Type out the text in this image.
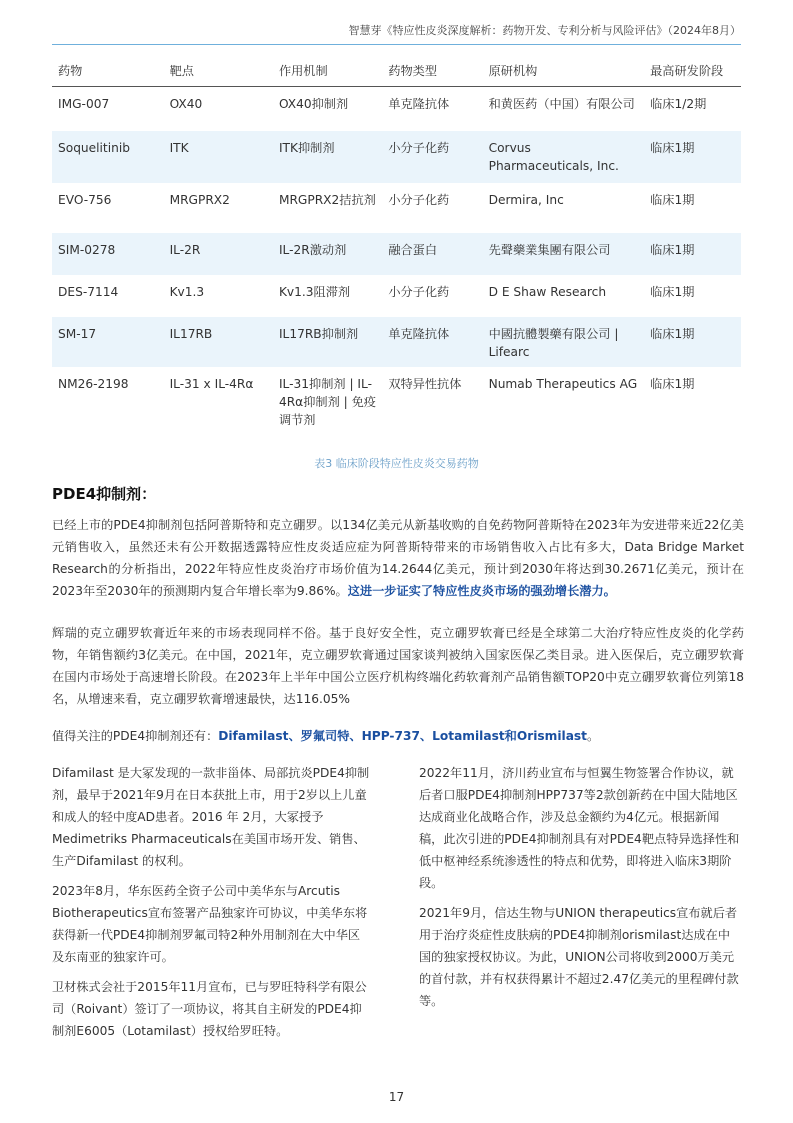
智慧芽《特应性皮炎深度解析：药物开发、专利分析与风险评估》（2024年8月）
药物	靶点	作用机制	药物类型	原研机构	最高研发阶段
IMG-007	OX40	OX40抑制剂	单克隆抗体	和黄医药（中国）有限公司	临床1/2期
Soquelitinib	ITK	ITK抑制剂	小分子化药	Corvus Pharmaceuticals, Inc.	临床1期
EVO-756	MRGPRX2	MRGPRX2拮抗剂	小分子化药	Dermira, Inc	临床1期
SIM-0278	IL-2R	IL-2R激动剂	融合蛋白	先聲藥業集團有限公司	临床1期
DES-7114	Kv1.3	Kv1.3阻滞剂	小分子化药	D E Shaw Research	临床1期
SM-17	IL17RB	IL17RB抑制剂	单克隆抗体	中國抗體製藥有限公司 | Lifearc	临床1期
NM26-2198	IL-31 x IL-4Rα	IL-31抑制剂 | IL-4Rα抑制剂 | 免疫调节剂	双特异性抗体	Numab Therapeutics AG	临床1期
表3 临床阶段特应性皮炎交易药物
PDE4抑制剂：

已经上市的PDE4抑制剂包括阿普斯特和克立硼罗。以134亿美元从新基收购的自免药物阿普斯特在2023年为安进带来近22亿美元销售收入，虽然还未有公开数据透露特应性皮炎适应症为阿普斯特带来的市场销售收入占比有多大，Data Bridge Market Research的分析指出，2022年特应性皮炎治疗市场价值为14.2644亿美元，预计到2030年将达到30.2671亿美元，预计在2023年至2030年的预测期内复合年增长率为9.86%。这进一步证实了特应性皮炎市场的强劲增长潜力。

辉瑞的克立硼罗软膏近年来的市场表现同样不俗。基于良好安全性，克立硼罗软膏已经是全球第二大治疗特应性皮炎的化学药物，年销售额约3亿美元。在中国，2021年，克立硼罗软膏通过国家谈判被纳入国家医保乙类目录。进入医保后，克立硼罗软膏在国内市场处于高速增长阶段。在2023年上半年中国公立医疗机构终端化药软膏剂产品销售额TOP20中克立硼罗软膏位列第18名，从增速来看，克立硼罗软膏增速最快，达116.05%

值得关注的PDE4抑制剂还有：Difamilast、罗氟司特、HPP-737、Lotamilast和Orismilast。

Difamilast 是大冢发现的一款非甾体、局部抗炎PDE4抑制剂，最早于2021年9月在日本获批上市，用于2岁以上儿童和成人的轻中度AD患者。2016 年 2月，大冢授予Medimetriks Pharmaceuticals在美国市场开发、销售、生产Difamilast 的权利。

2023年8月，华东医药全资子公司中美华东与Arcutis Biotherapeutics宣布签署产品独家许可协议，中美华东将获得新一代PDE4抑制剂罗氟司特2种外用制剂在大中华区及东南亚的独家许可。

卫材株式会社于2015年11月宣布，已与罗旺特科学有限公司（Roivant）签订了一项协议，将其自主研发的PDE4抑制剂E6005（Lotamilast）授权给罗旺特。

2022年11月，济川药业宣布与恒翼生物签署合作协议，就后者口服PDE4抑制剂HPP737等2款创新药在中国大陆地区达成商业化战略合作，涉及总金额约为4亿元。根据新闻稿，此次引进的PDE4抑制剂具有对PDE4靶点特异选择性和低中枢神经系统渗透性的特点和优势，即将进入临床3期阶段。

2021年9月，信达生物与UNION therapeutics宣布就后者用于治疗炎症性皮肤病的PDE4抑制剂orismilast达成在中国的独家授权协议。为此，UNION公司将收到2000万美元的首付款，并有权获得累计不超过2.47亿美元的里程碑付款等。

17
